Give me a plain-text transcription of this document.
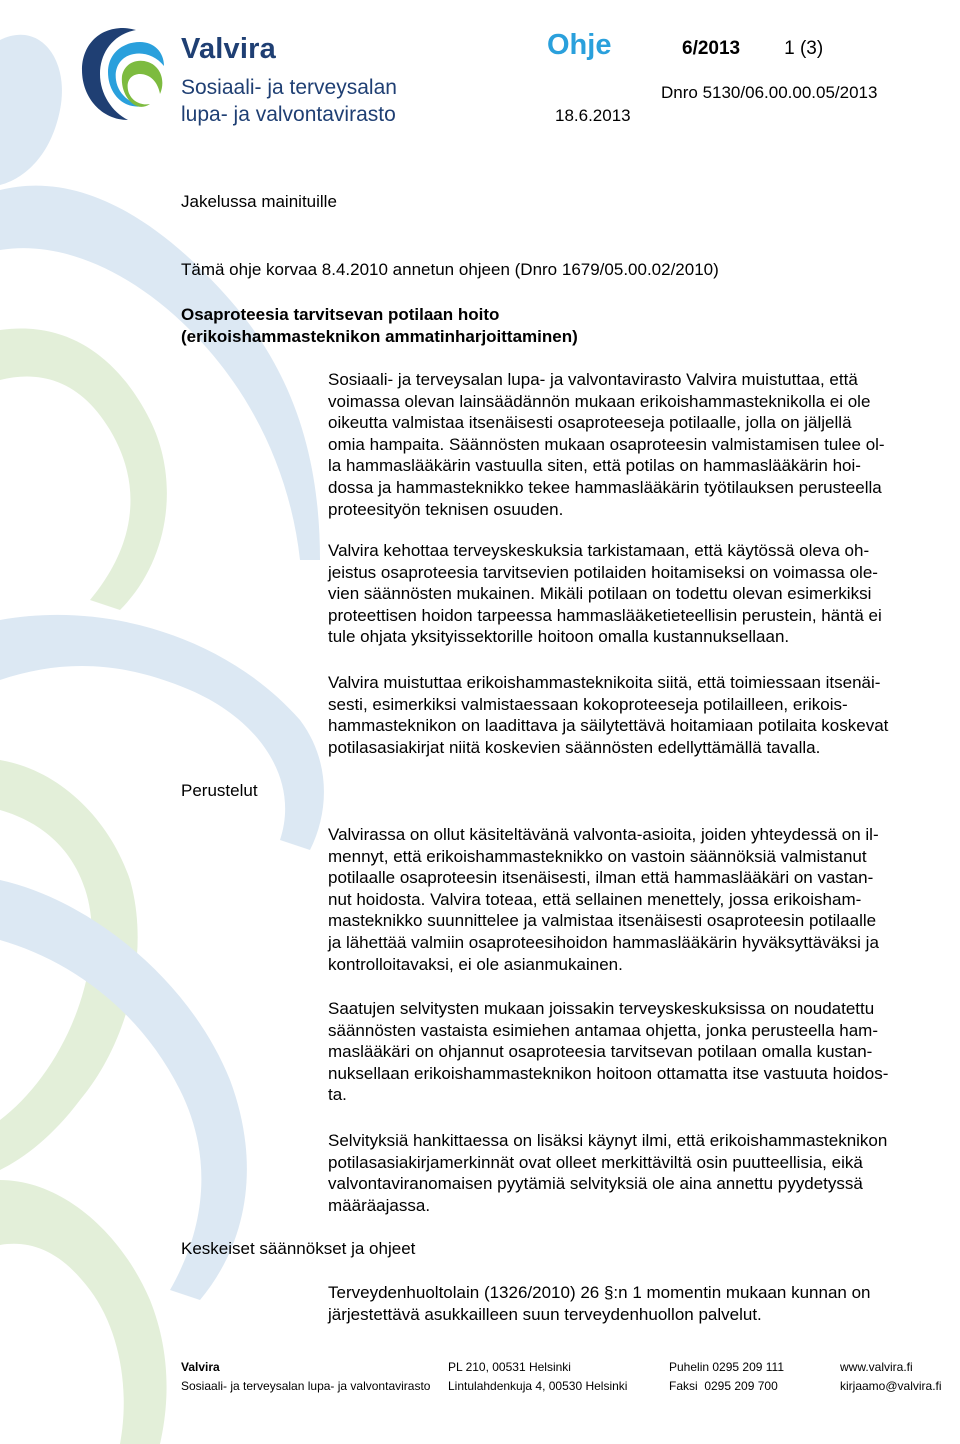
Valvira
Sosiaali- ja terveysalan
lupa- ja valvontavirasto
Ohje	6/2013 1 (3)
Dnro 5130/06.00.00.05/2013
18.6.2013
Jakelussa mainituille
Tämä ohje korvaa 8.4.2010 annetun ohjeen (Dnro 1679/05.00.02/2010)
Osaproteesia tarvitsevan potilaan hoito
(erikoishammasteknikon ammatinharjoittaminen)
Sosiaali- ja terveysalan lupa- ja valvontavirasto Valvira muistuttaa, että
voimassa olevan lainsäädännön mukaan erikoishammasteknikolla ei ole
oikeutta valmistaa itsenäisesti osaproteeseja potilaalle, jolla on jäljellä
omia hampaita. Säännösten mukaan osaproteesin valmistamisen tulee ol-
la hammaslääkärin vastuulla siten, että potilas on hammaslääkärin hoi-
dossa ja hammasteknikko tekee hammaslääkärin työtilauksen perusteella
proteesityön teknisen osuuden.
Valvira kehottaa terveyskeskuksia tarkistamaan, että käytössä oleva oh-
jeistus osaproteesia tarvitsevien potilaiden hoitamiseksi on voimassa ole-
vien säännösten mukainen. Mikäli potilaan on todettu olevan esimerkiksi
proteettisen hoidon tarpeessa hammaslääketieteellisin perustein, häntä ei
tule ohjata yksityissektorille hoitoon omalla kustannuksellaan.
Valvira muistuttaa erikoishammasteknikoita siitä, että toimiessaan itsenäi-
sesti, esimerkiksi valmistaessaan kokoproteeseja potilailleen, erikois-
hammasteknikon on laadittava ja säilytettävä hoitamiaan potilaita koskevat
potilasasiakirjat niitä koskevien säännösten edellyttämällä tavalla.
Perustelut
Valvirassa on ollut käsiteltävänä valvonta-asioita, joiden yhteydessä on il-
mennyt, että erikoishammasteknikko on vastoin säännöksiä valmistanut
potilaalle osaproteesin itsenäisesti, ilman että hammaslääkäri on vastan-
nut hoidosta. Valvira toteaa, että sellainen menettely, jossa erikoisham-
masteknikko suunnittelee ja valmistaa itsenäisesti osaproteesin potilaalle
ja lähettää valmiin osaproteesihoidon hammaslääkärin hyväksyttäväksi ja
kontrolloitavaksi, ei ole asianmukainen.
Saatujen selvitysten mukaan joissakin terveyskeskuksissa on noudatettu
säännösten vastaista esimiehen antamaa ohjetta, jonka perusteella ham-
maslääkäri on ohjannut osaproteesia tarvitsevan potilaan omalla kustan-
nuksellaan erikoishammasteknikon hoitoon ottamatta itse vastuuta hoidos-
ta.
Selvityksiä hankittaessa on lisäksi käynyt ilmi, että erikoishammasteknikon
potilasasiakirjamerkinnät ovat olleet merkittäviltä osin puutteellisia, eikä
valvontaviranomaisen pyytämiä selvityksiä ole aina annettu pyydetyssä
määräajassa.
Keskeiset säännökset ja ohjeet
Terveydenhuoltolain (1326/2010) 26 §:n 1 momentin mukaan kunnan on
järjestettävä asukkailleen suun terveydenhuollon palvelut.
Valvira
Sosiaali- ja terveysalan lupa- ja valvontavirasto
PL 210, 00531 Helsinki
Lintulahdenkuja 4, 00530 Helsinki
Puhelin 0295 209 111
Faksi  0295 209 700
www.valvira.fi
kirjaamo@valvira.fi
